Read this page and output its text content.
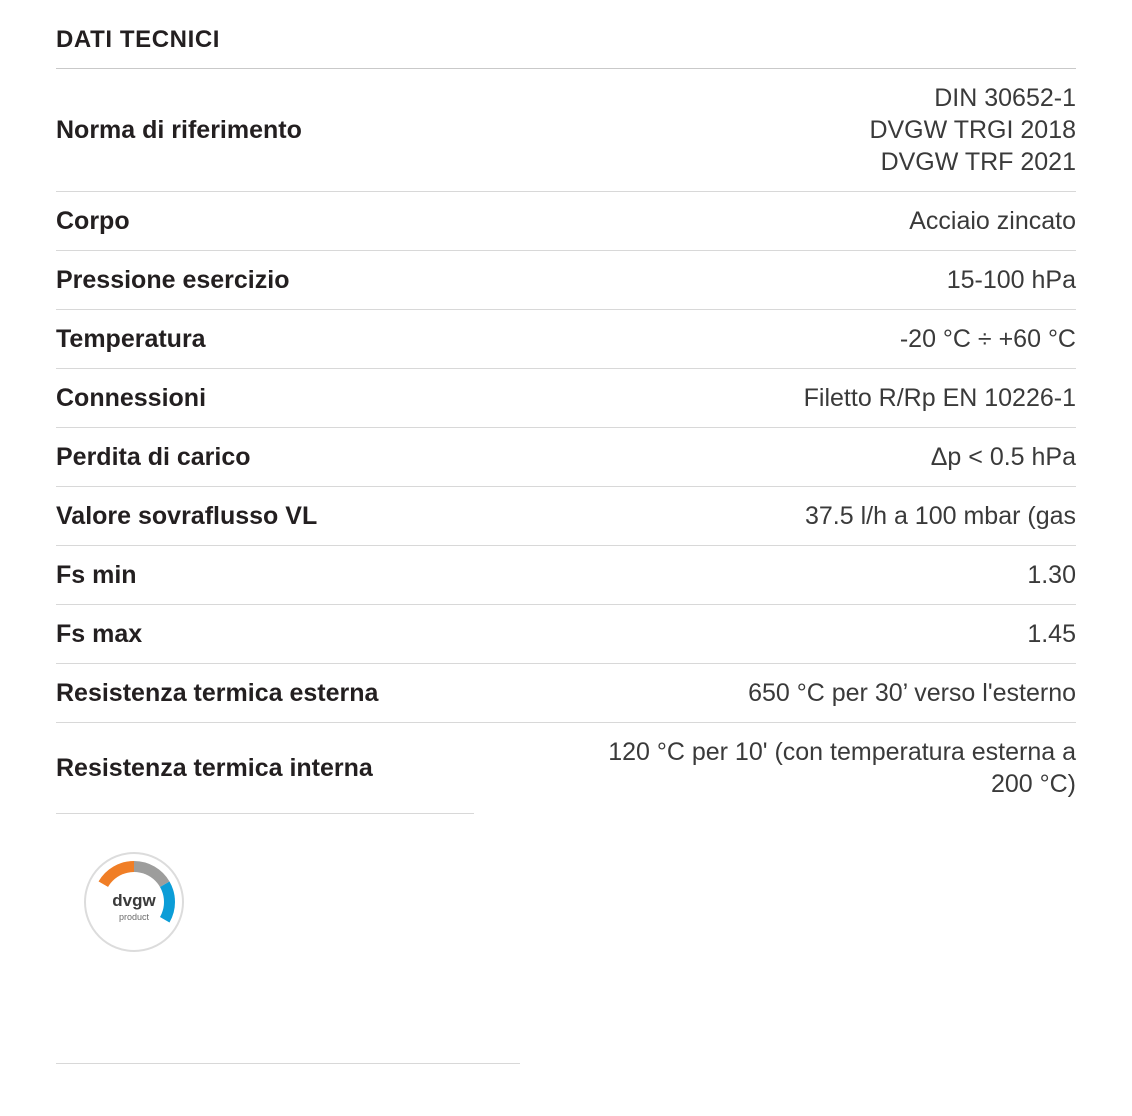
DATI TECNICI
Norma di riferimento	DIN 30652-1
DVGW TRGI 2018
DVGW TRF 2021

Corpo	Acciaio zincato

Pressione esercizio	15-100 hPa

Temperatura	-20 °C ÷ +60 °C

Connessioni	Filetto R/Rp EN 10226-1

Perdita di carico	Δp < 0.5 hPa

Valore sovraflusso VL	37.5 l/h a 100 mbar (gas

Fs min	1.30

Fs max	1.45

Resistenza termica esterna	650 °C per 30’ verso l'esterno

Resistenza termica interna	120 °C per 10' (con temperatura esterna a
200 °C)
dvgw
product
